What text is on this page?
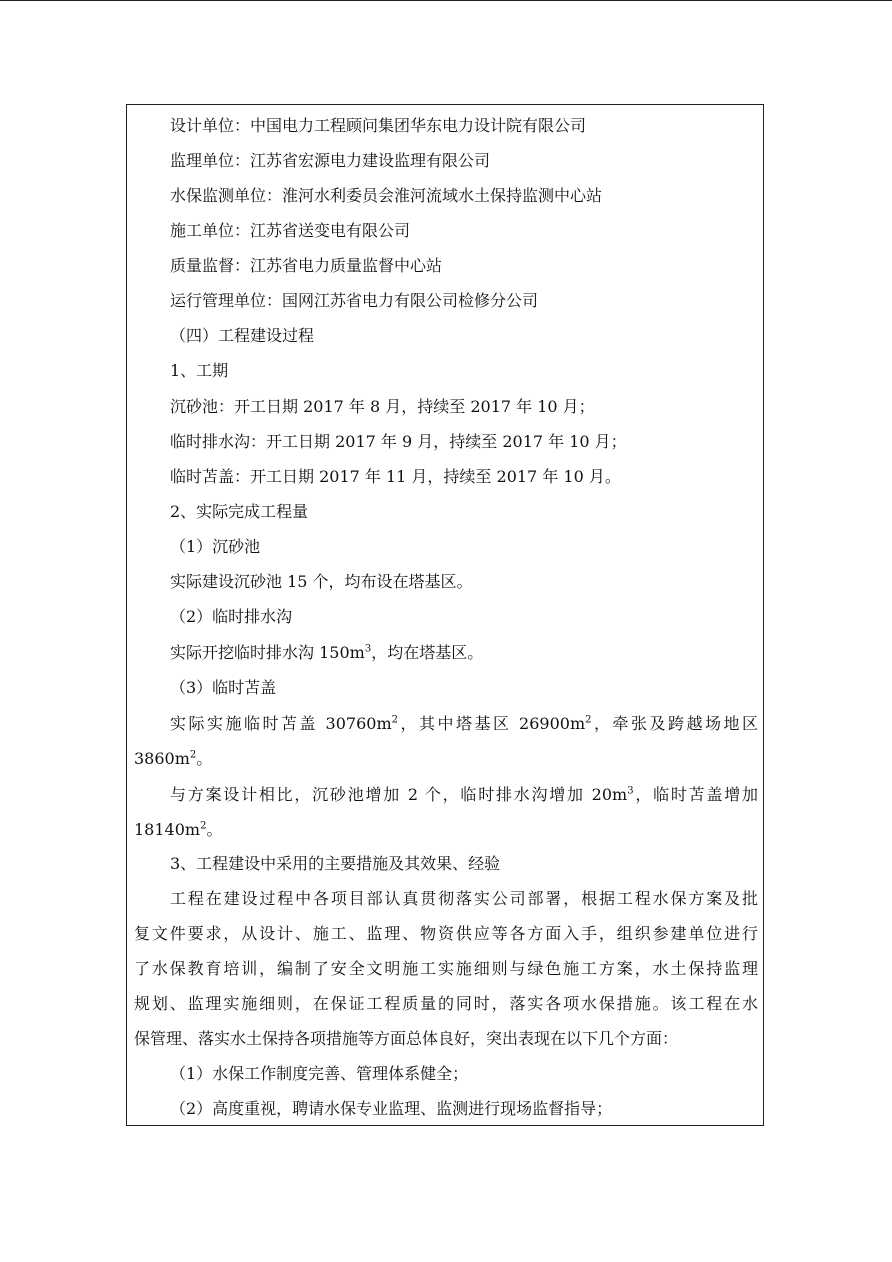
设计单位：中国电力工程顾问集团华东电力设计院有限公司
监理单位：江苏省宏源电力建设监理有限公司
水保监测单位：淮河水利委员会淮河流域水土保持监测中心站
施工单位：江苏省送变电有限公司
质量监督：江苏省电力质量监督中心站
运行管理单位：国网江苏省电力有限公司检修分公司
（四）工程建设过程
1、工期
沉砂池：开工日期 2017 年 8 月，持续至 2017 年 10 月；
临时排水沟：开工日期 2017 年 9 月，持续至 2017 年 10 月；
临时苫盖：开工日期 2017 年 11 月，持续至 2017 年 10 月。
2、实际完成工程量
（1）沉砂池
实际建设沉砂池 15 个，均布设在塔基区。
（2）临时排水沟
实际开挖临时排水沟 $150m^3$，均在塔基区。
（3）临时苫盖
实际实施临时苫盖 $30760m^2$，其中塔基区 $26900m^2$，牵张及跨越场地区
$3860m^2$。
与方案设计相比，沉砂池增加 2 个，临时排水沟增加 $20m^3$，临时苫盖增加
$18140m^2$。
3、工程建设中采用的主要措施及其效果、经验
工程在建设过程中各项目部认真贯彻落实公司部署，根据工程水保方案及批
复文件要求，从设计、施工、监理、物资供应等各方面入手，组织参建单位进行
了水保教育培训，编制了安全文明施工实施细则与绿色施工方案，水土保持监理
规划、监理实施细则，在保证工程质量的同时，落实各项水保措施。该工程在水
保管理、落实水土保持各项措施等方面总体良好，突出表现在以下几个方面：
（1）水保工作制度完善、管理体系健全；
（2）高度重视，聘请水保专业监理、监测进行现场监督指导；
